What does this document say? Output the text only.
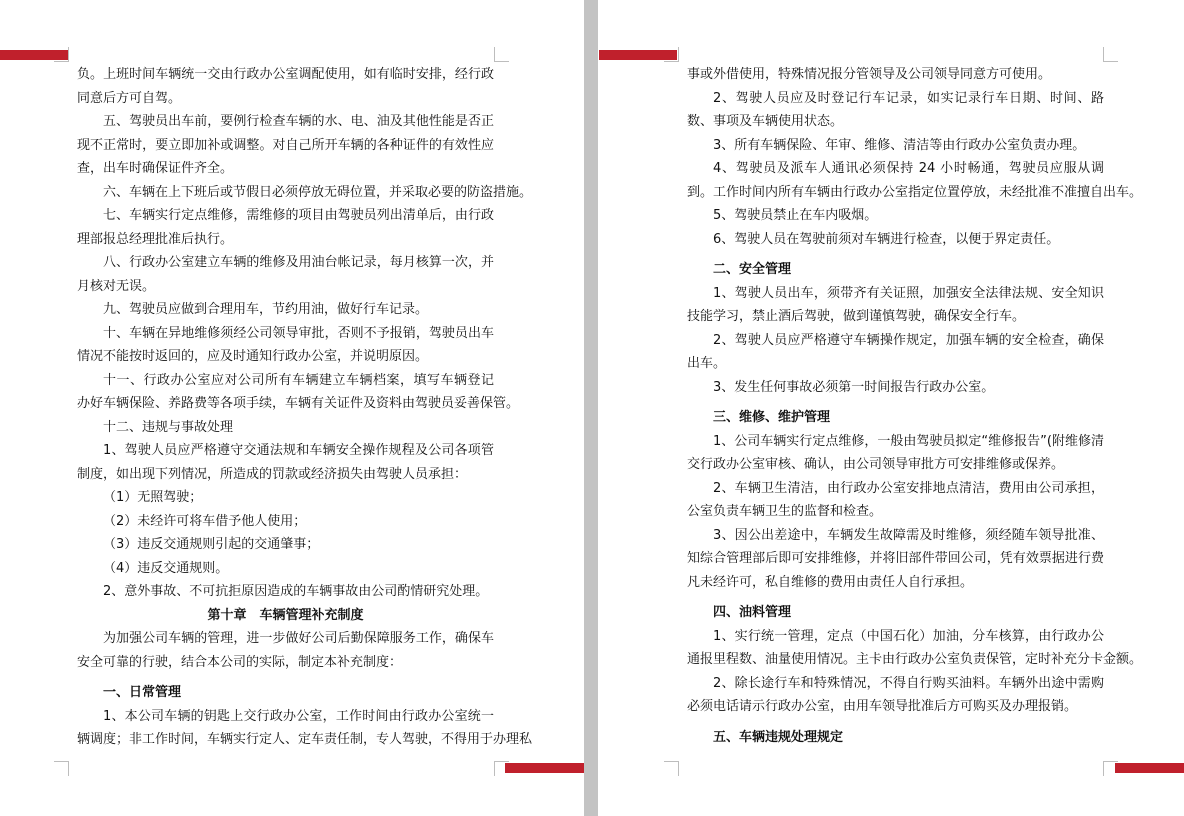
负。上班时间车辆统一交由行政办公室调配使用，如有临时安排，经行政
同意后方可自驾。
五、驾驶员出车前，要例行检查车辆的水、电、油及其他性能是否正
现不正常时，要立即加补或调整。对自己所开车辆的各种证件的有效性应
查，出车时确保证件齐全。
六、车辆在上下班后或节假日必须停放无碍位置，并采取必要的防盗措施。
七、车辆实行定点维修，需维修的项目由驾驶员列出清单后，由行政
理部报总经理批准后执行。
八、行政办公室建立车辆的维修及用油台帐记录，每月核算一次，并
月核对无误。
九、驾驶员应做到合理用车，节约用油，做好行车记录。
十、车辆在异地维修须经公司领导审批，否则不予报销，驾驶员出车
情况不能按时返回的，应及时通知行政办公室，并说明原因。
十一、行政办公室应对公司所有车辆建立车辆档案，填写车辆登记
办好车辆保险、养路费等各项手续，车辆有关证件及资料由驾驶员妥善保管。
十二、违规与事故处理
1、驾驶人员应严格遵守交通法规和车辆安全操作规程及公司各项管
制度，如出现下列情况，所造成的罚款或经济损失由驾驶人员承担：
（1）无照驾驶；
（2）未经许可将车借予他人使用；
（3）违反交通规则引起的交通肇事；
（4）违反交通规则。
2、意外事故、不可抗拒原因造成的车辆事故由公司酌情研究处理。
第十章　车辆管理补充制度
为加强公司车辆的管理，进一步做好公司后勤保障服务工作，确保车
安全可靠的行驶，结合本公司的实际，制定本补充制度：
一、日常管理
1、本公司车辆的钥匙上交行政办公室，工作时间由行政办公室统一
辆调度；非工作时间，车辆实行定人、定车责任制，专人驾驶，不得用于办理私
事或外借使用，特殊情况报分管领导及公司领导同意方可使用。
2、驾驶人员应及时登记行车记录，如实记录行车日期、时间、路
数、事项及车辆使用状态。
3、所有车辆保险、年审、维修、清洁等由行政办公室负责办理。
4、驾驶员及派车人通讯必须保持 24 小时畅通，驾驶员应服从调
到。工作时间内所有车辆由行政办公室指定位置停放，未经批准不准擅自出车。
5、驾驶员禁止在车内吸烟。
6、驾驶人员在驾驶前须对车辆进行检查，以便于界定责任。
二、安全管理
1、驾驶人员出车，须带齐有关证照，加强安全法律法规、安全知识
技能学习，禁止酒后驾驶，做到谨慎驾驶，确保安全行车。
2、驾驶人员应严格遵守车辆操作规定，加强车辆的安全检查，确保
出车。
3、发生任何事故必须第一时间报告行政办公室。
三、维修、维护管理
1、公司车辆实行定点维修，一般由驾驶员拟定“维修报告”(附维修清
交行政办公室审核、确认，由公司领导审批方可安排维修或保养。
2、车辆卫生清洁，由行政办公室安排地点清洁，费用由公司承担，
公室负责车辆卫生的监督和检查。
3、因公出差途中，车辆发生故障需及时维修，须经随车领导批准、
知综合管理部后即可安排维修，并将旧部件带回公司，凭有效票据进行费
凡未经许可，私自维修的费用由责任人自行承担。
四、油料管理
1、实行统一管理，定点（中国石化）加油，分车核算，由行政办公
通报里程数、油量使用情况。主卡由行政办公室负责保管，定时补充分卡金额。
2、除长途行车和特殊情况，不得自行购买油料。车辆外出途中需购
必须电话请示行政办公室，由用车领导批准后方可购买及办理报销。
五、车辆违规处理规定
